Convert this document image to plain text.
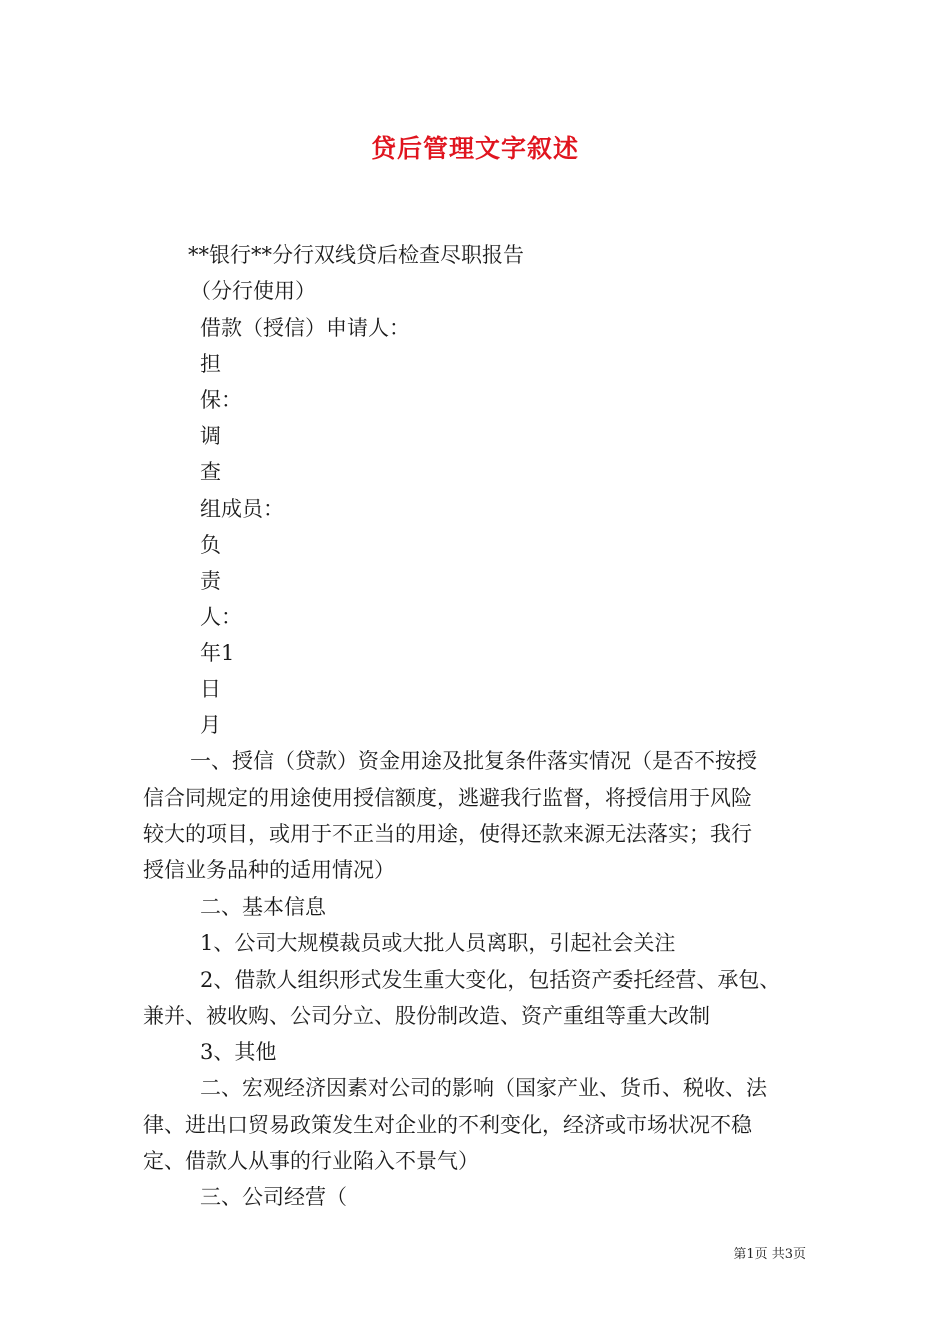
贷后管理文字叙述
**银行**分行双线贷后检查尽职报告
（分行使用）
借款（授信）申请人：
担
保：
调
查
组成员：
负
责
人：
年1
日
月
一、授信（贷款）资金用途及批复条件落实情况（是否不按授
信合同规定的用途使用授信额度，逃避我行监督，将授信用于风险
较大的项目，或用于不正当的用途，使得还款来源无法落实；我行
授信业务品种的适用情况）
二、基本信息
1、公司大规模裁员或大批人员离职，引起社会关注
2、借款人组织形式发生重大变化，包括资产委托经营、承包、
兼并、被收购、公司分立、股份制改造、资产重组等重大改制
3、其他
二、宏观经济因素对公司的影响（国家产业、货币、税收、法
律、进出口贸易政策发生对企业的不利变化，经济或市场状况不稳
定、借款人从事的行业陷入不景气）
三、公司经营（
第1页 共3页
